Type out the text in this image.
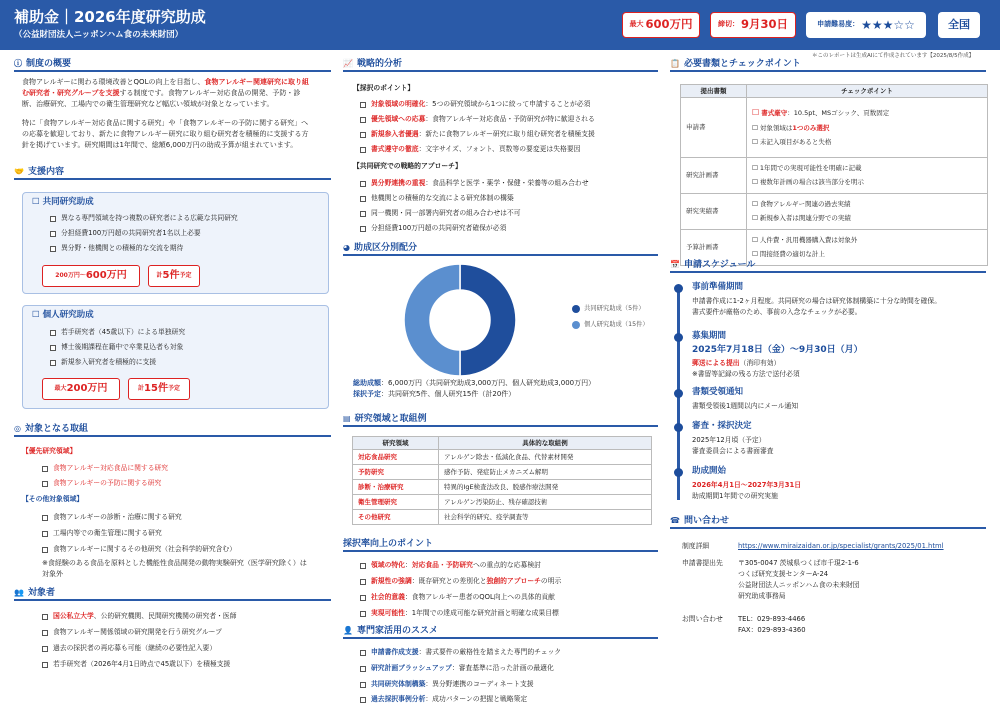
補助金｜2026年度研究助成
（公益財団法人ニッポンハム食の未来財団）
最大 600万円	締切： 9月30日	申請難易度： ★★★☆☆	全国
＊このレポートは生成AIにて作成されています【2025/8/5作成】
ⓘ 制度の概要
食物アレルギーに関わる環境改善とQOLの向上を目指し、食物アレルギー関連研究に取り組
む研究者・研究グループを支援する制度です。食物アレルギー対応食品の開発、予防・診
断、治療研究、工場内での衛生管理研究など幅広い領域が対象となっています。
特に「食物アレルギー対応食品に関する研究」や「食物アレルギーの予防に関する研究」へ
の応募を歓迎しており、新たに食物アレルギー研究に取り組む研究者を積極的に支援する方
針を掲げています。研究期間は1年間で、総額6,000万円の助成予算が組まれています。
🤝 支援内容
☐ 共同研究助成
異なる専門領域を持つ複数の研究者による広範な共同研究
分担経費100万円超の共同研究者1名以上必要
異分野・他機関との積極的な交流を期待
200万円〜 600万円	計 5件 予定
☐ 個人研究助成
若手研究者（45歳以下）による単独研究
博士後期課程在籍中で卒業見込者も対象
新規参入研究者を積極的に支援
最大 200万円	計 15件 予定
◎ 対象となる取組
【優先研究領域】
食物アレルギー対応食品に関する研究
食物アレルギーの予防に関する研究
【その他対象領域】
食物アレルギーの診断・治療に関する研究
工場内等での衛生管理に関する研究
食物アレルギーに関するその他研究（社会科学的研究含む）
※食経験のある食品を原料とした機能性食品開発の動物実験研究（医学研究除く）は
対象外
👥 対象者
国公私立大学、公的研究機関、民間研究機関の研究者・医師
食物アレルギー関係領域の研究開発を行う研究グループ
過去の採択者の再応募も可能（継続の必要性記入要）
若手研究者（2026年4月1日時点で45歳以下）を積極支援
📈 戦略的分析
【採択のポイント】
対象領域の明確化：5つの研究領域から1つに絞って申請することが必須
優先領域への応募：食物アレルギー対応食品・予防研究が特に歓迎される
新規参入者優遇：新たに食物アレルギー研究に取り組む研究者を積極支援
書式遵守の徹底：文字サイズ、フォント、頁数等の要変更は失格要因
【共同研究での戦略的アプローチ】
異分野連携の重視：食品科学と医学・薬学・保健・栄養等の組み合わせ
他機関との積極的な交流による研究体制の構築
同一機関・同一部署内研究者の組み合わせは不可
分担経費100万円超の共同研究者確保が必須
◕ 助成区分別配分
共同研究助成（5件）
個人研究助成（15件）
総助成額：6,000万円（共同研究助成3,000万円、個人研究助成3,000万円）
採択予定：共同研究5件、個人研究15件（計20件）
▤ 研究領域と取組例
研究領域	具体的な取組例
対応食品研究	アレルゲン除去・低減化食品、代替素材開発
予防研究	感作予防、発症防止メカニズム解明
診断・治療研究	特異的IgE検査法改良、脱感作療法開発
衛生管理研究	アレルゲン汚染防止、残存確認技術
その他研究	社会科学的研究、疫学調査等
採択率向上のポイント
領域の特化：対応食品・予防研究への重点的な応募検討
新規性の強調：既存研究との差別化と独創的アプローチの明示
社会的意義：食物アレルギー患者のQOL向上への具体的貢献
実現可能性：1年間での達成可能な研究計画と明確な成果目標
👤 専門家活用のススメ
申請書作成支援：書式要件の厳格性を踏まえた専門的チェック
研究計画ブラッシュアップ：審査基準に沿った計画の最適化
共同研究体制構築：異分野連携のコーディネート支援
過去採択事例分析：成功パターンの把握と戦略策定
📋 必要書類とチェックポイント
提出書類	チェックポイント
申請書	☐ 書式厳守：10.5pt、MSゴシック、頁数固定
☐ 対象領域は1つのみ選択
☐ 未記入項目があると失格

研究計画書	☐ 1年間での実現可能性を明確に記載
☐ 複数年計画の場合は該当部分を明示

研究実績書	☐ 食物アレルギー関連の過去実績
☐ 新規参入者は関連分野での実績

予算計画書	☐ 人件費・汎用機器購入費は対象外
☐ 間接経費の適切な計上
📅 申請スケジュール
事前準備期間
申請書作成に1-2ヶ月程度。共同研究の場合は研究体制構築に十分な時間を確保。
書式要件が厳格のため、事前の入念なチェックが必要。
募集期間
2025年7月18日（金）〜9月30日（月）
郵送による提出（消印有効）
※書留等記録の残る方法で送付必須
書類受領通知
書類受領後1週間以内にメール通知
審査・採択決定
2025年12月頃（予定）
審査委員会による書面審査
助成開始
2026年4月1日〜2027年3月31日
助成期間1年間での研究実施
☎ 問い合わせ
制度詳細	https://www.miraizaidan.or.jp/specialist/grants/2025/01.html
申請書提出先 〒305-0047 茨城県つくば市千現2-1-6
つくば研究支援センターA-24
公益財団法人ニッポンハム食の未来財団
研究助成事務局
お問い合わせ TEL：029-893-4466
FAX：029-893-4360
